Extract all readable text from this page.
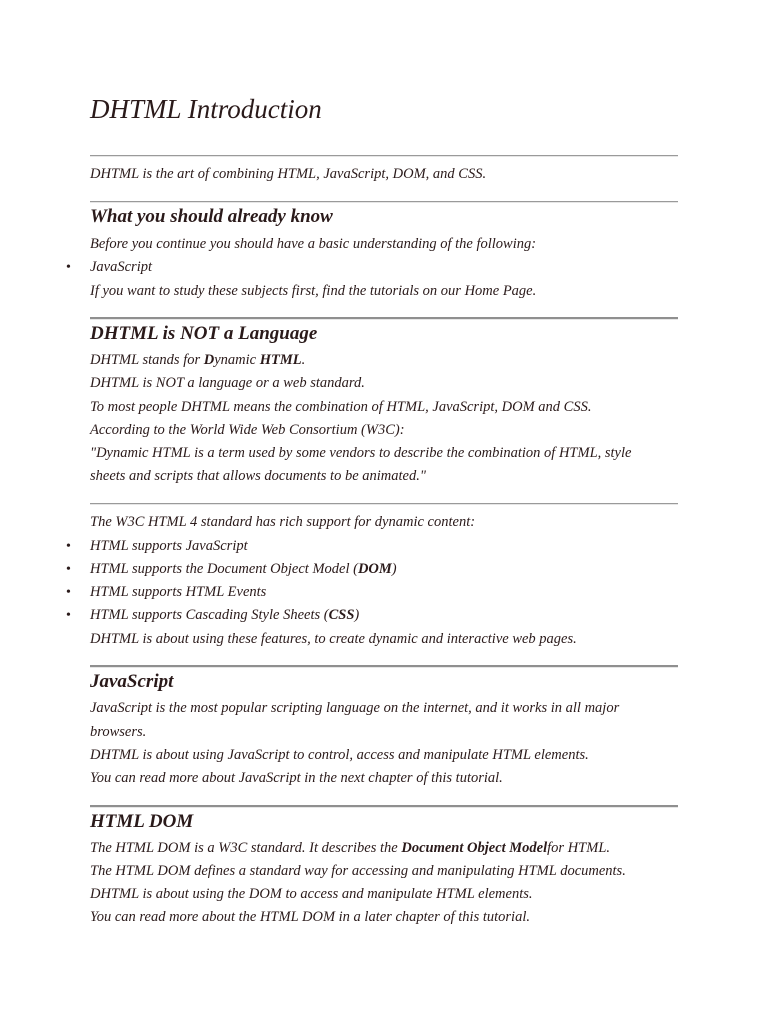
DHTML Introduction
DHTML is the art of combining HTML, JavaScript, DOM, and CSS.
What you should already know
Before you continue you should have a basic understanding of the following:
• JavaScript
If you want to study these subjects first, find the tutorials on our Home Page.
DHTML is NOT a Language
DHTML stands for Dynamic HTML.
DHTML is NOT a language or a web standard.
To most people DHTML means the combination of HTML, JavaScript, DOM and CSS.
According to the World Wide Web Consortium (W3C):
"Dynamic HTML is a term used by some vendors to describe the combination of HTML, style
sheets and scripts that allows documents to be animated."
The W3C HTML 4 standard has rich support for dynamic content:
• HTML supports JavaScript
• HTML supports the Document Object Model (DOM)
• HTML supports HTML Events
• HTML supports Cascading Style Sheets (CSS)
DHTML is about using these features, to create dynamic and interactive web pages.
JavaScript
JavaScript is the most popular scripting language on the internet, and it works in all major
browsers.
DHTML is about using JavaScript to control, access and manipulate HTML elements.
You can read more about JavaScript in the next chapter of this tutorial.
HTML DOM
The HTML DOM is a W3C standard. It describes the Document Object Modelfor HTML.
The HTML DOM defines a standard way for accessing and manipulating HTML documents.
DHTML is about using the DOM to access and manipulate HTML elements.
You can read more about the HTML DOM in a later chapter of this tutorial.
